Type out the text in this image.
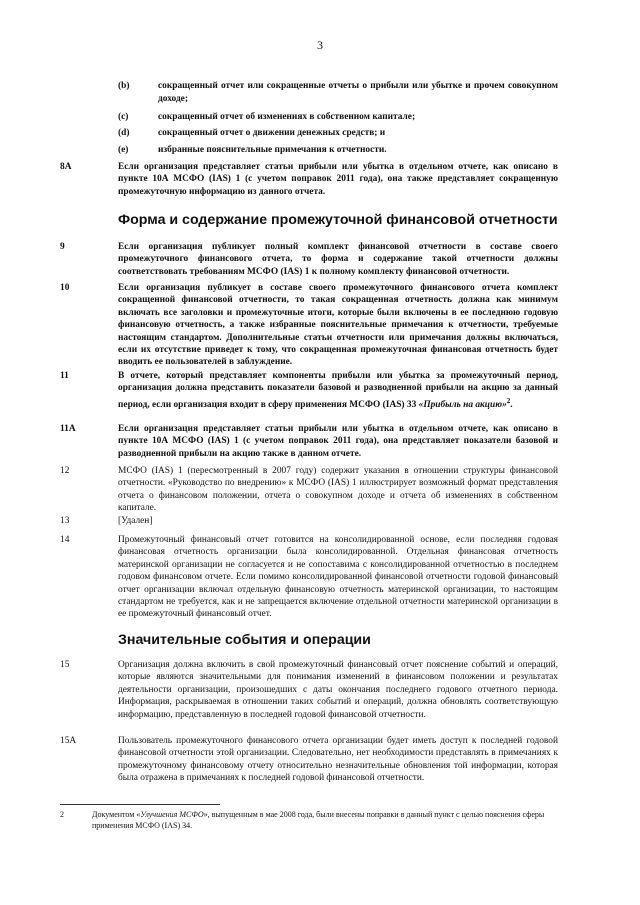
3
(b)	сокращенный отчет или сокращенные отчеты о прибыли или убытке и прочем совокупном доходе;
(c)	сокращенный отчет об изменениях в собственном капитале;
(d)	сокращенный отчет о движении денежных средств; и
(e)	избранные пояснительные примечания к отчетности.
8A	Если организация представляет статьи прибыли или убытка в отдельном отчете, как описано в пункте 10А МСФО (IAS) 1 (с учетом поправок 2011 года), она также представляет сокращенную промежуточную информацию из данного отчета.
Форма и содержание промежуточной финансовой отчетности
9	Если организация публикует полный комплект финансовой отчетности в составе своего промежуточного финансового отчета, то форма и содержание такой отчетности должны соответствовать требованиям МСФО (IAS) 1 к полному комплекту финансовой отчетности.
10	Если организация публикует в составе своего промежуточного финансового отчета комплект сокращенной финансовой отчетности, то такая сокращенная отчетность должна как минимум включать все заголовки и промежуточные итоги, которые были включены в ее последнюю годовую финансовую отчетность, а также избранные пояснительные примечания к отчетности, требуемые настоящим стандартом. Дополнительные статьи отчетности или примечания должны включаться, если их отсутствие приведет к тому, что сокращенная промежуточная финансовая отчетность будет вводить ее пользователей в заблуждение.
11	В отчете, который представляет компоненты прибыли или убытка за промежуточный период, организация должна представить показатели базовой и разводненной прибыли на акцию за данный период, если организация входит в сферу применения МСФО (IAS) 33 «Прибыль на акцию»$^2$.
11A	Если организация представляет статьи прибыли или убытка в отдельном отчете, как описано в пункте 10А МСФО (IAS) 1 (с учетом поправок 2011 года), она представляет показатели базовой и разводненной прибыли на акцию также в данном отчете.
12	МСФО (IAS) 1 (пересмотренный в 2007 году) содержит указания в отношении структуры финансовой отчетности. «Руководство по внедрению» к МСФО (IAS) 1 иллюстрирует возможный формат представления отчета о финансовом положении, отчета о совокупном доходе и отчета об изменениях в собственном капитале.
13	[Удален]
14	Промежуточный финансовый отчет готовится на консолидированной основе, если последняя годовая финансовая отчетность организации была консолидированной. Отдельная финансовая отчетность материнской организации не согласуется и не сопоставима с консолидированной отчетностью в последнем годовом финансовом отчете. Если помимо консолидированной финансовой отчетности годовой финансовый отчет организации включал отдельную финансовую отчетность материнской организации, то настоящим стандартом не требуется, как и не запрещается включение отдельной отчетности материнской организации в ее промежуточный финансовый отчет.
Значительные события и операции
15	Организация должна включить в свой промежуточный финансовый отчет пояснение событий и операций, которые являются значительными для понимания изменений в финансовом положении и результатах деятельности организации, произошедших с даты окончания последнего годового отчетного периода. Информация, раскрываемая в отношении таких событий и операций, должна обновлять соответствующую информацию, представленную в последней годовой финансовой отчетности.
15A	Пользователь промежуточного финансового отчета организации будет иметь доступ к последней годовой финансовой отчетности этой организации. Следовательно, нет необходимости представлять в примечаниях к промежуточному финансовому отчету относительно незначительные обновления той информации, которая была отражена в примечаниях к последней годовой финансовой отчетности.
2	Документом «Улучшения МСФО», выпущенным в мае 2008 года, были внесены поправки в данный пункт с целью пояснения сферы применения МСФО (IAS) 34.
